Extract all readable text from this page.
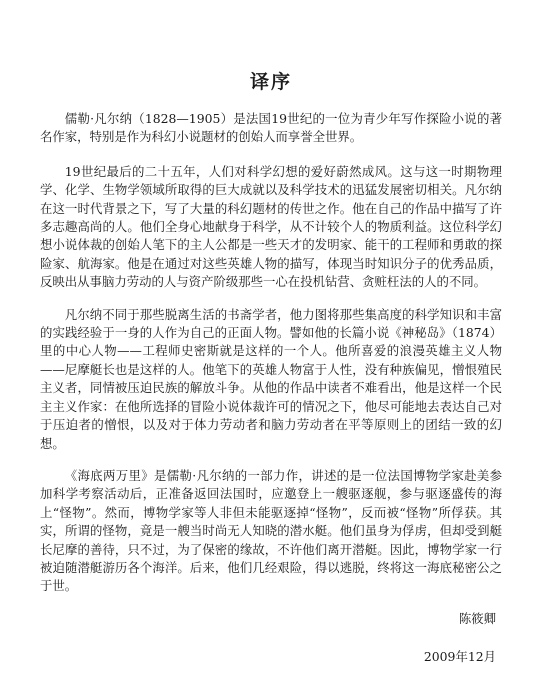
译序

儒勒·凡尔纳（1828—1905）是法国19世纪的一位为青少年写作探险小说的著名作家，特别是作为科幻小说题材的创始人而享誉全世界。

19世纪最后的二十五年，人们对科学幻想的爱好蔚然成风。这与这一时期物理学、化学、生物学领域所取得的巨大成就以及科学技术的迅猛发展密切相关。凡尔纳在这一时代背景之下，写了大量的科幻题材的传世之作。他在自己的作品中描写了许多志趣高尚的人。他们全身心地献身于科学，从不计较个人的物质利益。这位科学幻想小说体裁的创始人笔下的主人公都是一些天才的发明家、能干的工程师和勇敢的探险家、航海家。他是在通过对这些英雄人物的描写，体现当时知识分子的优秀品质，反映出从事脑力劳动的人与资产阶级那些一心在投机钻营、贪赃枉法的人的不同。

凡尔纳不同于那些脱离生活的书斋学者，他力图将那些集高度的科学知识和丰富的实践经验于一身的人作为自己的正面人物。譬如他的长篇小说《神秘岛》（1874）里的中心人物——工程师史密斯就是这样的一个人。他所喜爱的浪漫英雄主义人物——尼摩艇长也是这样的人。他笔下的英雄人物富于人性，没有种族偏见，憎恨殖民主义者，同情被压迫民族的解放斗争。从他的作品中读者不难看出，他是这样一个民主主义作家：在他所选择的冒险小说体裁许可的情况之下，他尽可能地去表达自己对于压迫者的憎恨，以及对于体力劳动者和脑力劳动者在平等原则上的团结一致的幻想。

《海底两万里》是儒勒·凡尔纳的一部力作，讲述的是一位法国博物学家赴美参加科学考察活动后，正准备返回法国时，应邀登上一艘驱逐舰，参与驱逐盛传的海上“怪物”。然而，博物学家等人非但未能驱逐掉“怪物”，反而被“怪物”所俘获。其实，所谓的怪物，竟是一艘当时尚无人知晓的潜水艇。他们虽身为俘虏，但却受到艇长尼摩的善待，只不过，为了保密的缘故，不许他们离开潜艇。因此，博物学家一行被迫随潜艇游历各个海洋。后来，他们几经艰险，得以逃脱，终将这一海底秘密公之于世。

陈筱卿
2009年12月
